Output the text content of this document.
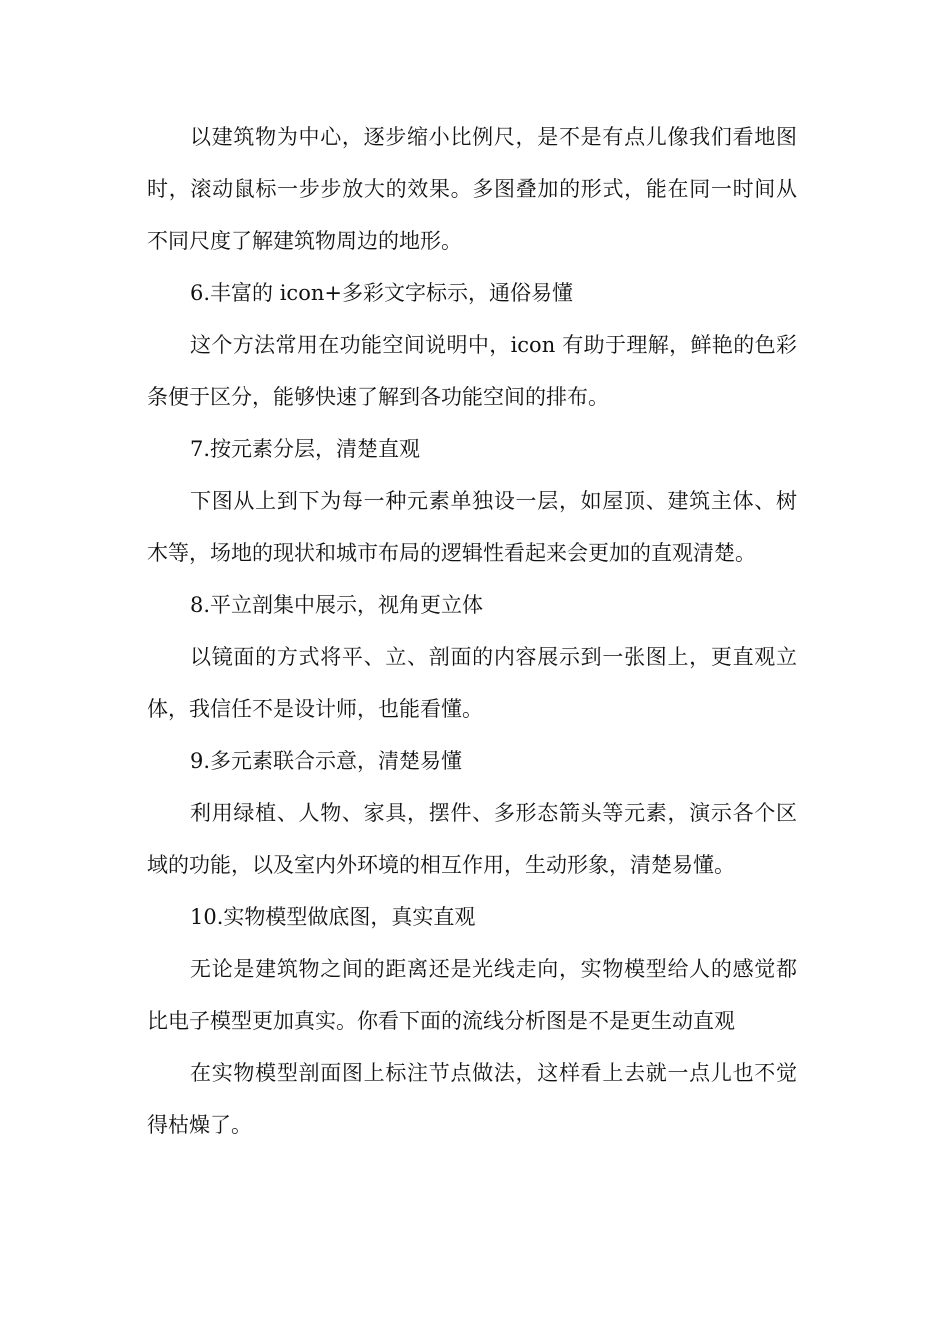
以建筑物为中心，逐步缩小比例尺，是不是有点儿像我们看地图时，滚动鼠标一步步放大的效果。多图叠加的形式，能在同一时间从不同尺度了解建筑物周边的地形。

6.丰富的 icon+多彩文字标示，通俗易懂

这个方法常用在功能空间说明中，icon 有助于理解，鲜艳的色彩条便于区分，能够快速了解到各功能空间的排布。

7.按元素分层，清楚直观

下图从上到下为每一种元素单独设一层，如屋顶、建筑主体、树木等，场地的现状和城市布局的逻辑性看起来会更加的直观清楚。

8.平立剖集中展示，视角更立体

以镜面的方式将平、立、剖面的内容展示到一张图上，更直观立体，我信任不是设计师，也能看懂。

9.多元素联合示意，清楚易懂

利用绿植、人物、家具，摆件、多形态箭头等元素，演示各个区域的功能，以及室内外环境的相互作用，生动形象，清楚易懂。

10.实物模型做底图，真实直观

无论是建筑物之间的距离还是光线走向，实物模型给人的感觉都比电子模型更加真实。你看下面的流线分析图是不是更生动直观

在实物模型剖面图上标注节点做法，这样看上去就一点儿也不觉得枯燥了。
